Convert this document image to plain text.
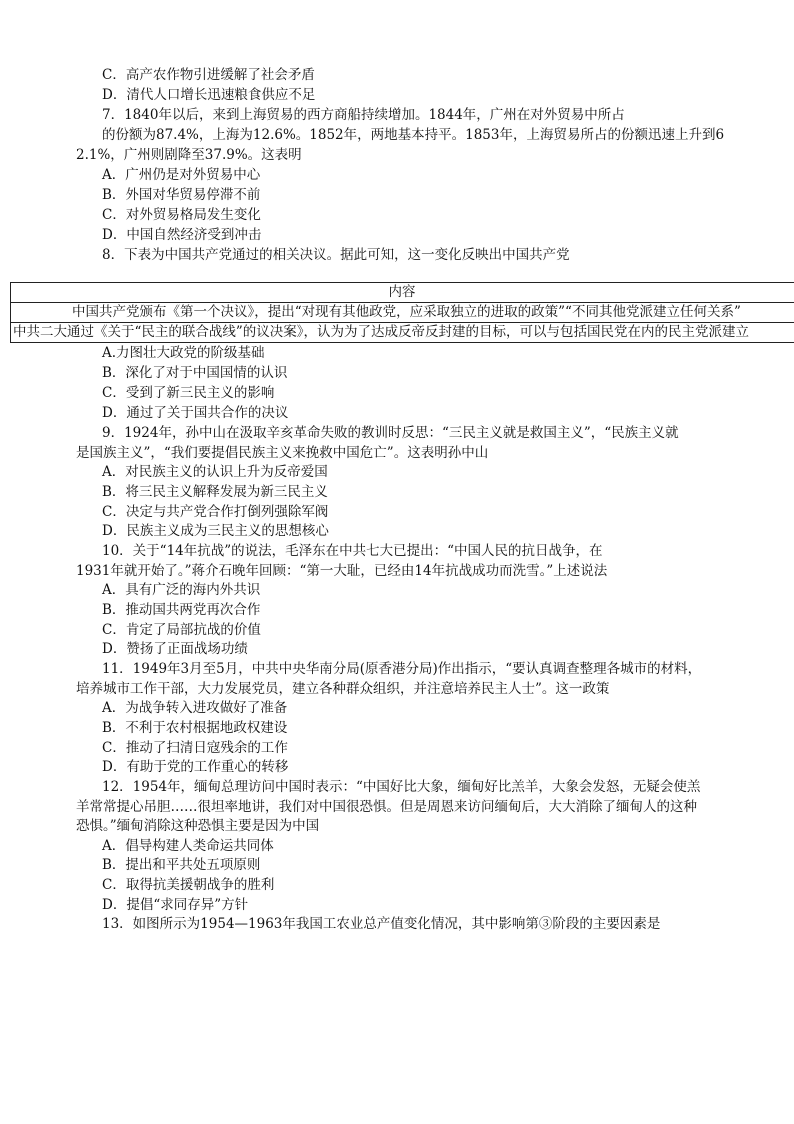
C．高产农作物引进缓解了社会矛盾
D．清代人口增长迅速粮食供应不足
7．1840年以后，来到上海贸易的西方商船持续增加。1844年，广州在对外贸易中所占
的份额为87.4%，上海为12.6%。1852年，两地基本持平。1853年，上海贸易所占的份额迅速上升到6
2.1%，广州则剧降至37.9%。这表明
A．广州仍是对外贸易中心
B．外国对华贸易停滞不前
C．对外贸易格局发生变化
D．中国自然经济受到冲击
8．下表为中国共产党通过的相关决议。据此可知，这一变化反映出中国共产党
内容
中国共产党颁布《第一个决议》，提出“对现有其他政党，应采取独立的进取的政策”“不同其他党派建立任何关系”
中共二大通过《关于“民主的联合战线”的议决案》，认为为了达成反帝反封建的目标，可以与包括国民党在内的民主党派建立
A.力图壮大政党的阶级基础
B．深化了对于中国国情的认识
C．受到了新三民主义的影响
D．通过了关于国共合作的决议
9．1924年，孙中山在汲取辛亥革命失败的教训时反思：“三民主义就是救国主义”，“民族主义就
是国族主义”，“我们要提倡民族主义来挽救中国危亡”。这表明孙中山
A．对民族主义的认识上升为反帝爱国
B．将三民主义解释发展为新三民主义
C．决定与共产党合作打倒列强除军阀
D．民族主义成为三民主义的思想核心
10．关于“14年抗战”的说法，毛泽东在中共七大已提出：“中国人民的抗日战争，在
1931年就开始了。”蒋介石晚年回顾：“第一大耻，已经由14年抗战成功而洗雪。”上述说法
A．具有广泛的海内外共识
B．推动国共两党再次合作
C．肯定了局部抗战的价值
D．赞扬了正面战场功绩
11．1949年3月至5月，中共中央华南分局(原香港分局)作出指示，“要认真调查整理各城市的材料，
培养城市工作干部，大力发展党员，建立各种群众组织，并注意培养民主人士”。这一政策
A．为战争转入进攻做好了准备
B．不利于农村根据地政权建设
C．推动了扫清日寇残余的工作
D．有助于党的工作重心的转移
12．1954年，缅甸总理访问中国时表示：“中国好比大象，缅甸好比羔羊，大象会发怒，无疑会使羔
羊常常提心吊胆……很坦率地讲，我们对中国很恐惧。但是周恩来访问缅甸后，大大消除了缅甸人的这种
恐惧。”缅甸消除这种恐惧主要是因为中国
A．倡导构建人类命运共同体
B．提出和平共处五项原则
C．取得抗美援朝战争的胜利
D．提倡“求同存异”方针
13．如图所示为1954—1963年我国工农业总产值变化情况，其中影响第③阶段的主要因素是
